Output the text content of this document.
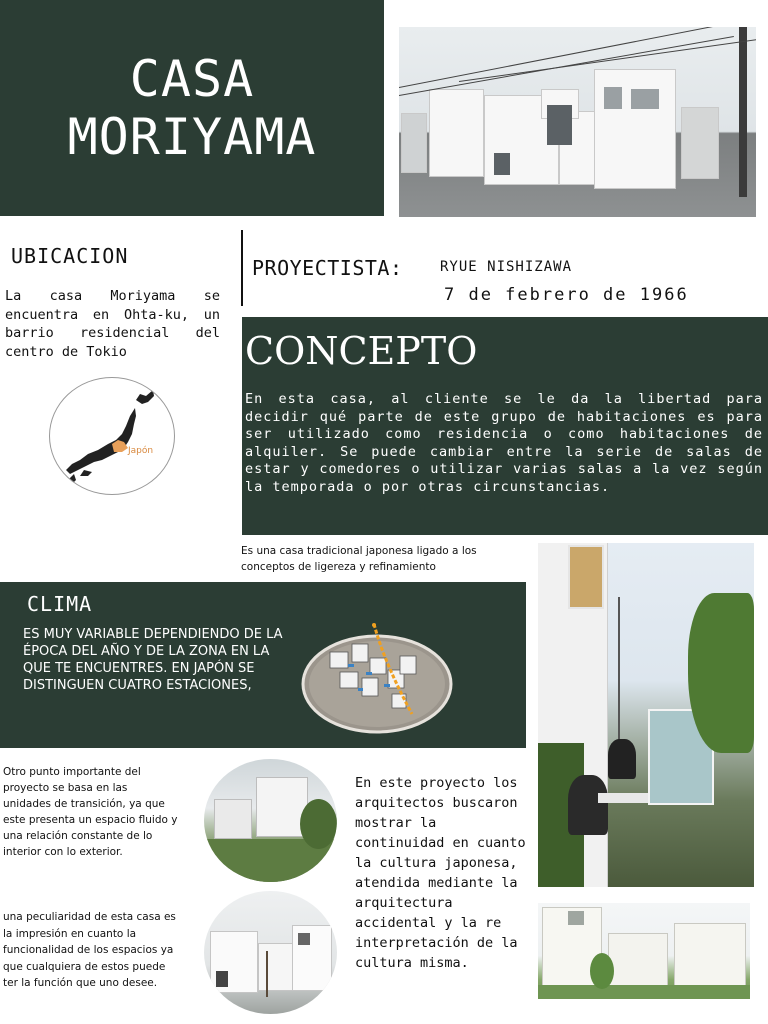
CASA
MORIYAMA
UBICACION
La casa Moriyama se encuentra en Ohta-ku, un barrio residencial del centro de Tokio
Japón
PROYECTISTA:	RYUE NISHIZAWA
7 de febrero de 1966
CONCEPTO
En esta casa, al cliente se le da la libertad para decidir qué parte de este grupo de habitaciones es para ser utilizado como residencia o como habitaciones de alquiler. Se puede cambiar entre la serie de salas de estar y comedores o utilizar varias salas a la vez según la temporada o por otras circunstancias.
Es una casa tradicional japonesa ligado a los conceptos de ligereza y refinamiento
CLIMA
ES MUY VARIABLE DEPENDIENDO DE LA ÉPOCA DEL AÑO Y DE LA ZONA EN LA QUE TE ENCUENTRES. EN JAPÓN SE DISTINGUEN CUATRO ESTACIONES,
Otro punto importante del proyecto se basa en las unidades de transición, ya que este presenta un espacio fluido y una relación constante de lo interior con lo exterior.
una peculiaridad de esta casa es la impresión en cuanto la funcionalidad de los espacios ya que cualquiera de estos puede ter la función que uno desee.
En este proyecto los arquitectos buscaron mostrar la continuidad en cuanto la cultura japonesa, atendida mediante la arquitectura accidental y la re interpretación de la cultura misma.
